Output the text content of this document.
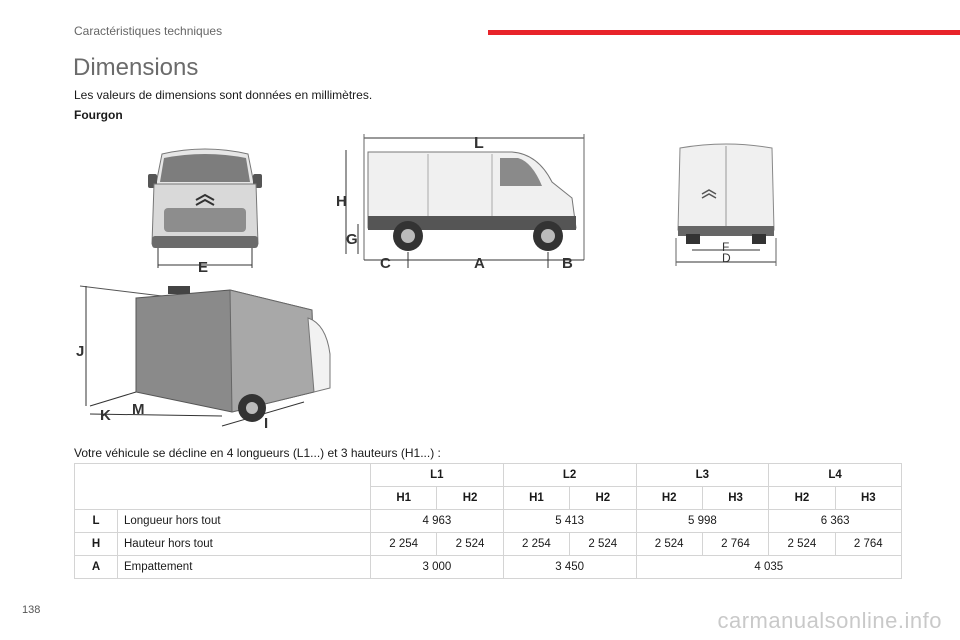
Caractéristiques techniques
Dimensions
Les valeurs de dimensions sont données en millimètres.
Fourgon
E
L
H
G
C	A	B
F
D
J
K M
I
Votre véhicule se décline en 4 longueurs (L1...) et 3 hauteurs (H1...) :
		L1		L2		L3		L4	
		H1	H2	H1	H2	H2	H3	H2	H3
L	Longueur hors tout	4 963		5 413		5 998		6 363	
H	Hauteur hors tout	2 254	2 524	2 254	2 524	2 524	2 764	2 524	2 764
A	Empattement	3 000		3 450		4 035			
138	carmanualsonline.info
